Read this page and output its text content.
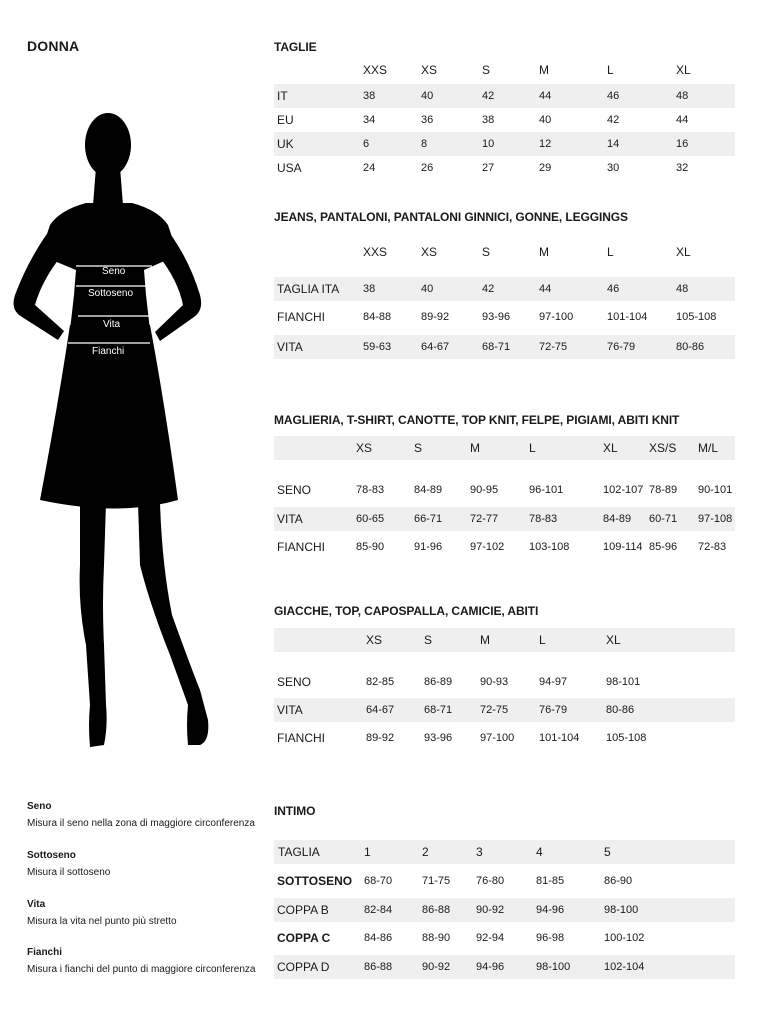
DONNA
Seno
Sottoseno
Vita
Fianchi
TAGLIE
XXS	XS	S	M	L	XL
IT	38	40	42	44	46	48
EU	34	36	38	40	42	44
UK	6	8	10	12	14	16
USA	24	26	27	29	30	32
JEANS, PANTALONI, PANTALONI GINNICI, GONNE, LEGGINGS
XXS	XS	S	M	L	XL
TAGLIA ITA 38	40	42	44	46	48
FIANCHI	84-88	89-92	93-96	97-100	101-104	105-108
VITA	59-63	64-67	68-71	72-75	76-79	80-86
MAGLIERIA, T-SHIRT, CANOTTE, TOP KNIT, FELPE, PIGIAMI, ABITI KNIT
XS	S	M	L	XL	XS/S M/L
SENO	78-83	84-89	90-95	96-101	102-107 78-89 90-101
VITA	60-65	66-71	72-77	78-83	84-89 60-71 97-108
FIANCHI	85-90	91-96	97-102 103-108	109-114 85-96 72-83
GIACCHE, TOP, CAPOSPALLA, CAMICIE, ABITI
XS	S	M	L	XL
SENO	82-85	86-89	90-93	94-97	98-101
VITA	64-67	68-71	72-75	76-79	80-86
FIANCHI	89-92	93-96	97-100 101-104 105-108
INTIMO
TAGLIA	1	2	3	4	5
SOTTOSENO 68-70	71-75 76-80	81-85	86-90
COPPA B	82-84	86-88 90-92	94-96	98-100
COPPA C	84-86	88-90 92-94	96-98	100-102
COPPA D	86-88	90-92 94-96	98-100	102-104
Seno
Misura il seno nella zona di maggiore circonferenza
Sottoseno
Misura il sottoseno
Vita
Misura la vita nel punto più stretto
Fianchi
Misura i fianchi del punto di maggiore circonferenza
